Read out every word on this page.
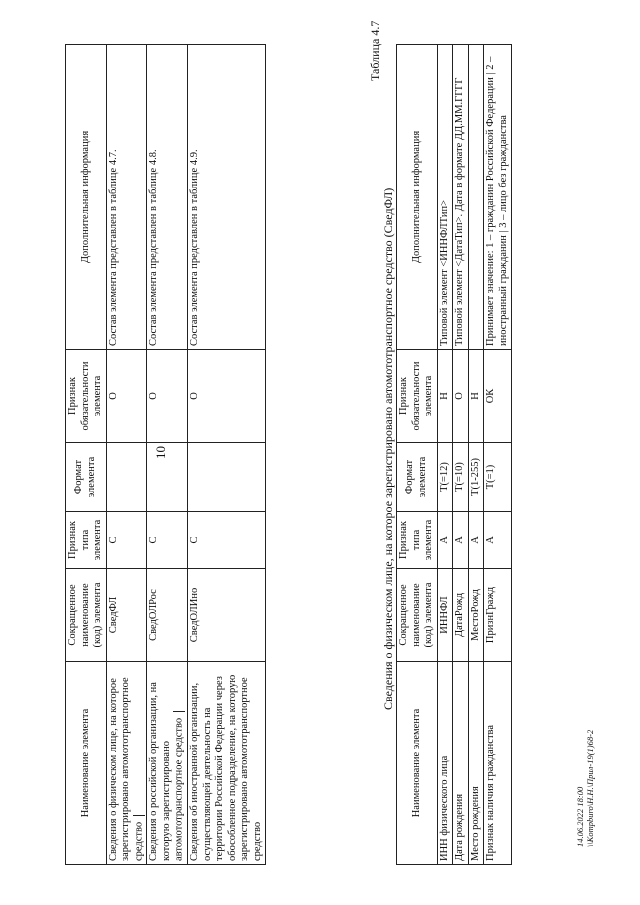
10
Наименование элемента	Сокращенное наименование (код) элемента	Признак типа элемента	Формат элемента	Признак обязательности элемента	Дополнительная информация
Сведения о физическом лице, на которое зарегистрировано автомототранспортное средство	СведФЛ	С		О	Состав элемента представлен в таблице 4.7.
Сведения о российской организации, на которую зарегистрировано автомототранспортное средство	СведОЛРос	С		О	Состав элемента представлен в таблице 4.8.
Сведения об иностранной организации, осуществляющей деятельность на территории Российской Федерации через обособленное подразделение, на которую зарегистрировано автомототранспортное средство	СведОЛИно	С		О	Состав элемента представлен в таблице 4.9.
Таблица 4.7
Сведения о физическом лице, на которое зарегистрировано автомототранспортное средство (СведФЛ)
Наименование элемента	Сокращенное наименование (код) элемента	Признак типа элемента	Формат элемента	Признак обязательности элемента	Дополнительная информация
ИНН физического лица	ИННФЛ	А	T(=12)	Н	Типовой элемент <ИННФЛТип>
Дата рождения	ДатаРожд	А	T(=10)	О	Типовой элемент <ДатаТип>. Дата в формате ДД.ММ.ГГГГ
Место рождения	МестоРожд	А	T(1-255)	Н	
Признак наличия гражданства	ПризнГражд	А	T(=1)	ОК	Принимает значение: 1 – гражданин Российской Федерации | 2 – иностранный гражданин | 3 – лицо без гражданства
14.06.2022 18:00 \\Kompburo\Н.Н.\Прил-19(1)68-2
